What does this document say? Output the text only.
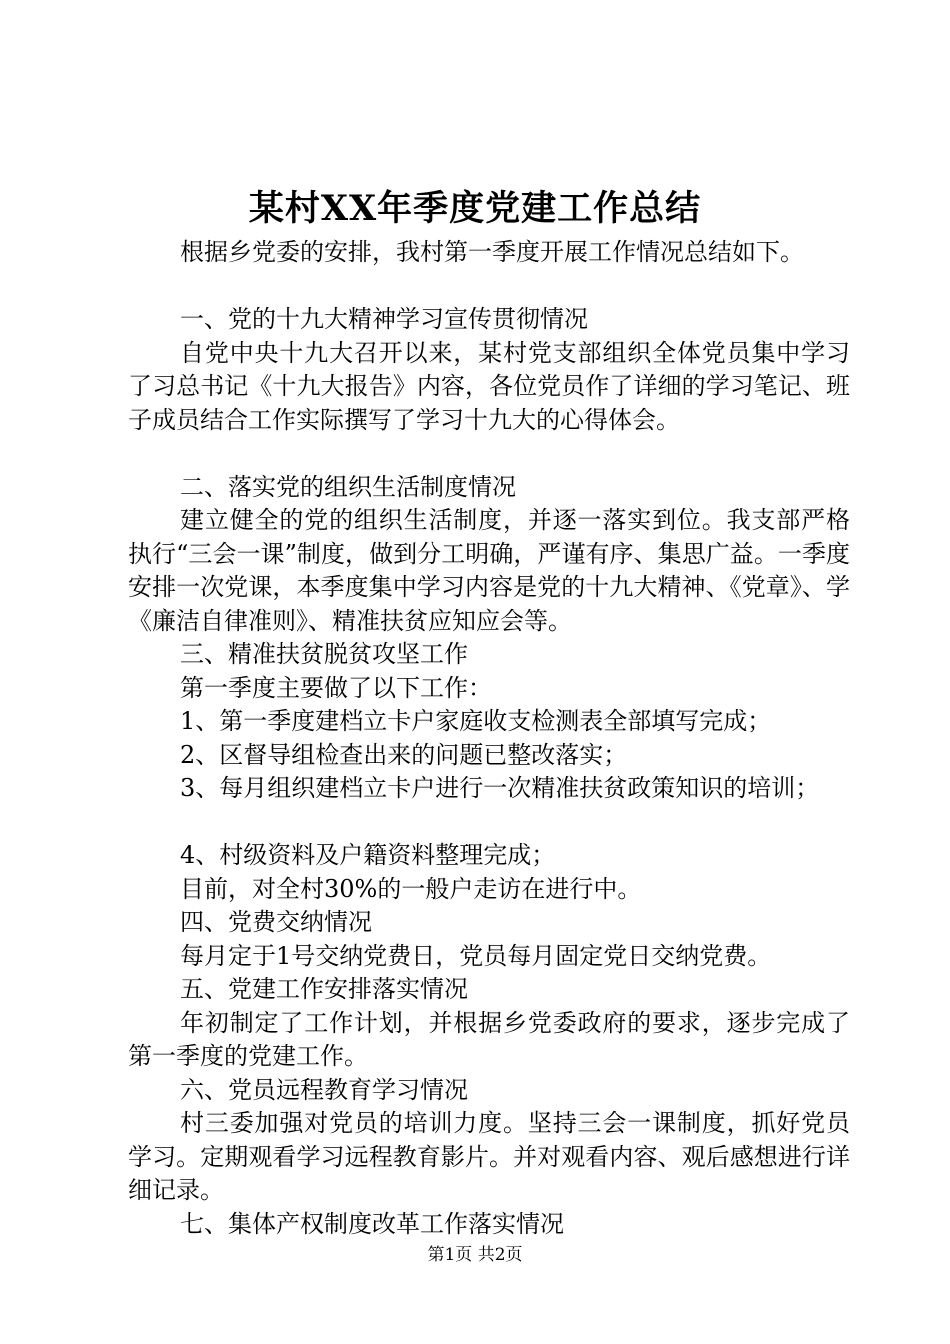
某村XX年季度党建工作总结

根据乡党委的安排，我村第一季度开展工作情况总结如下。

一、党的十九大精神学习宣传贯彻情况

自党中央十九大召开以来，某村党支部组织全体党员集中学习了习总书记《十九大报告》内容，各位党员作了详细的学习笔记、班子成员结合工作实际撰写了学习十九大的心得体会。

二、落实党的组织生活制度情况

建立健全的党的组织生活制度，并逐一落实到位。我支部严格执行“三会一课”制度，做到分工明确，严谨有序、集思广益。一季度安排一次党课，本季度集中学习内容是党的十九大精神、《党章》、学《廉洁自律准则》、精准扶贫应知应会等。

三、精准扶贫脱贫攻坚工作

第一季度主要做了以下工作：

1、第一季度建档立卡户家庭收支检测表全部填写完成；

2、区督导组检查出来的问题已整改落实；

3、每月组织建档立卡户进行一次精准扶贫政策知识的培训；

4、村级资料及户籍资料整理完成；

目前，对全村30%的一般户走访在进行中。

四、党费交纳情况

每月定于1号交纳党费日，党员每月固定党日交纳党费。

五、党建工作安排落实情况

年初制定了工作计划，并根据乡党委政府的要求，逐步完成了第一季度的党建工作。

六、党员远程教育学习情况

村三委加强对党员的培训力度。坚持三会一课制度，抓好党员学习。定期观看学习远程教育影片。并对观看内容、观后感想进行详细记录。

七、集体产权制度改革工作落实情况

第1页 共2页
